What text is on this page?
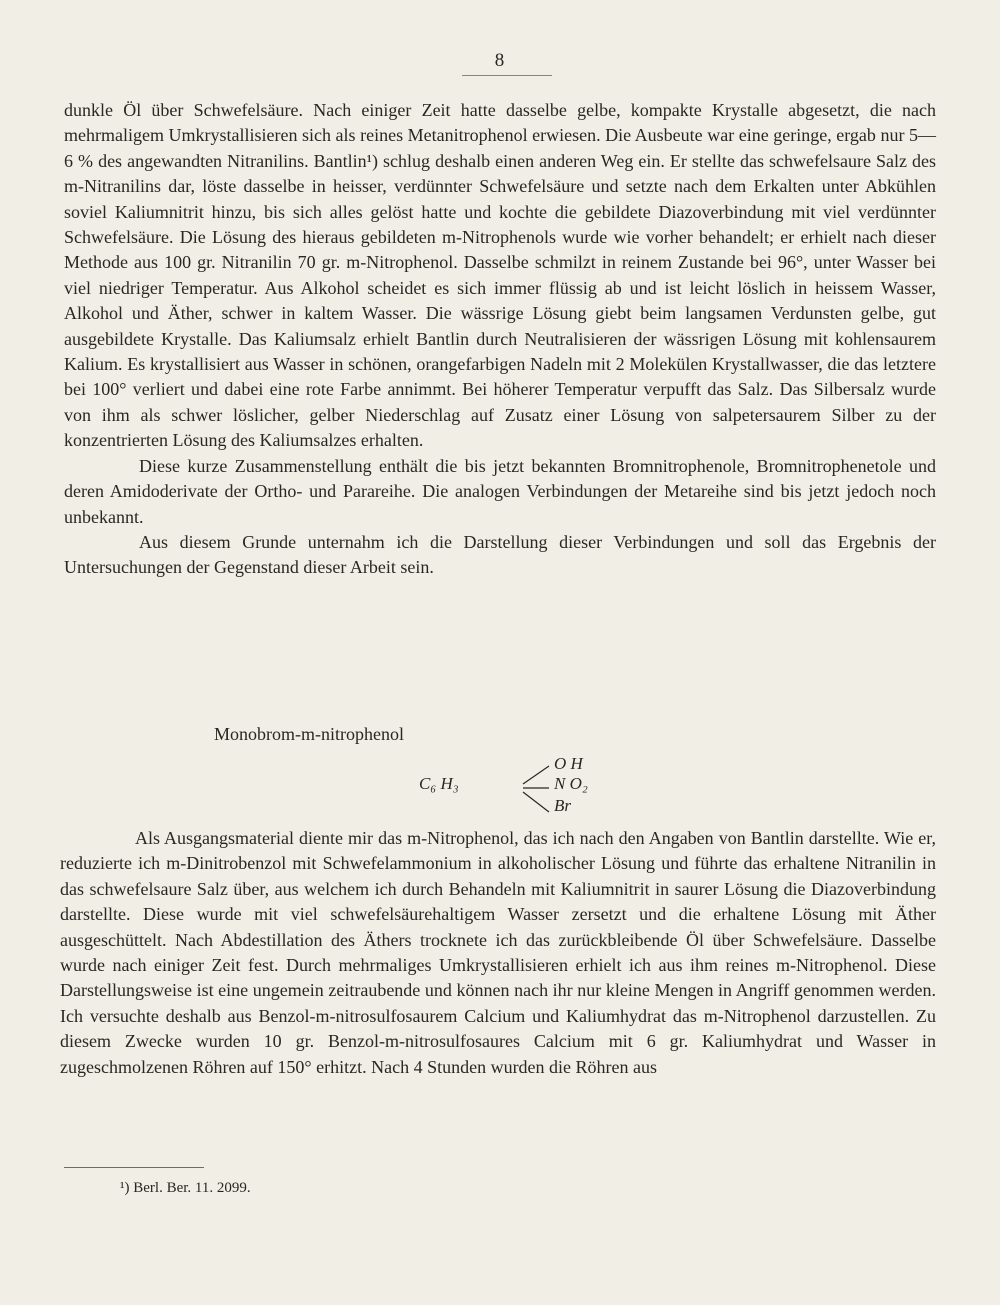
8

dunkle Öl über Schwefelsäure. Nach einiger Zeit hatte dasselbe gelbe, kompakte Krystalle abgesetzt, die nach mehrmaligem Umkrystallisieren sich als reines Metanitrophenol erwiesen. Die Ausbeute war eine geringe, ergab nur 5—6 % des angewandten Nitranilins. Bantlin¹) schlug deshalb einen anderen Weg ein. Er stellte das schwefelsaure Salz des m-Nitranilins dar, löste dasselbe in heisser, verdünnter Schwefelsäure und setzte nach dem Erkalten unter Abkühlen soviel Kaliumnitrit hinzu, bis sich alles gelöst hatte und kochte die gebildete Diazoverbindung mit viel verdünnter Schwefelsäure. Die Lösung des hieraus gebildeten m-Nitrophenols wurde wie vorher behandelt; er erhielt nach dieser Methode aus 100 gr. Nitranilin 70 gr. m-Nitrophenol. Dasselbe schmilzt in reinem Zustande bei 96°, unter Wasser bei viel niedriger Temperatur. Aus Alkohol scheidet es sich immer flüssig ab und ist leicht löslich in heissem Wasser, Alkohol und Äther, schwer in kaltem Wasser. Die wässrige Lösung giebt beim langsamen Verdunsten gelbe, gut ausgebildete Krystalle. Das Kaliumsalz erhielt Bantlin durch Neutralisieren der wässrigen Lösung mit kohlensaurem Kalium. Es krystallisiert aus Wasser in schönen, orangefarbigen Nadeln mit 2 Molekülen Krystallwasser, die das letztere bei 100° verliert und dabei eine rote Farbe annimmt. Bei höherer Temperatur verpufft das Salz. Das Silbersalz wurde von ihm als schwer löslicher, gelber Niederschlag auf Zusatz einer Lösung von salpetersaurem Silber zu der konzentrierten Lösung des Kaliumsalzes erhalten.

Diese kurze Zusammenstellung enthält die bis jetzt bekannten Bromnitrophenole, Bromnitrophenetole und deren Amidoderivate der Ortho- und Parareihe. Die analogen Verbindungen der Metareihe sind bis jetzt jedoch noch unbekannt.

Aus diesem Grunde unternahm ich die Darstellung dieser Verbindungen und soll das Ergebnis der Untersuchungen der Gegenstand dieser Arbeit sein.

Monobrom-m-nitrophenol
C₆ H₃
O H
N O₂
Br

Als Ausgangsmaterial diente mir das m-Nitrophenol, das ich nach den Angaben von Bantlin darstellte. Wie er, reduzierte ich m-Dinitrobenzol mit Schwefelammonium in alkoholischer Lösung und führte das erhaltene Nitranilin in das schwefelsaure Salz über, aus welchem ich durch Behandeln mit Kaliumnitrit in saurer Lösung die Diazoverbindung darstellte. Diese wurde mit viel schwefelsäurehaltigem Wasser zersetzt und die erhaltene Lösung mit Äther ausgeschüttelt. Nach Abdestillation des Äthers trocknete ich das zurückbleibende Öl über Schwefelsäure. Dasselbe wurde nach einiger Zeit fest. Durch mehrmaliges Umkrystallisieren erhielt ich aus ihm reines m-Nitrophenol. Diese Darstellungsweise ist eine ungemein zeitraubende und können nach ihr nur kleine Mengen in Angriff genommen werden. Ich versuchte deshalb aus Benzol-m-nitrosulfosaurem Calcium und Kaliumhydrat das m-Nitrophenol darzustellen. Zu diesem Zwecke wurden 10 gr. Benzol-m-nitrosulfosaures Calcium mit 6 gr. Kaliumhydrat und Wasser in zugeschmolzenen Röhren auf 150° erhitzt. Nach 4 Stunden wurden die Röhren aus

¹) Berl. Ber. 11. 2099.
